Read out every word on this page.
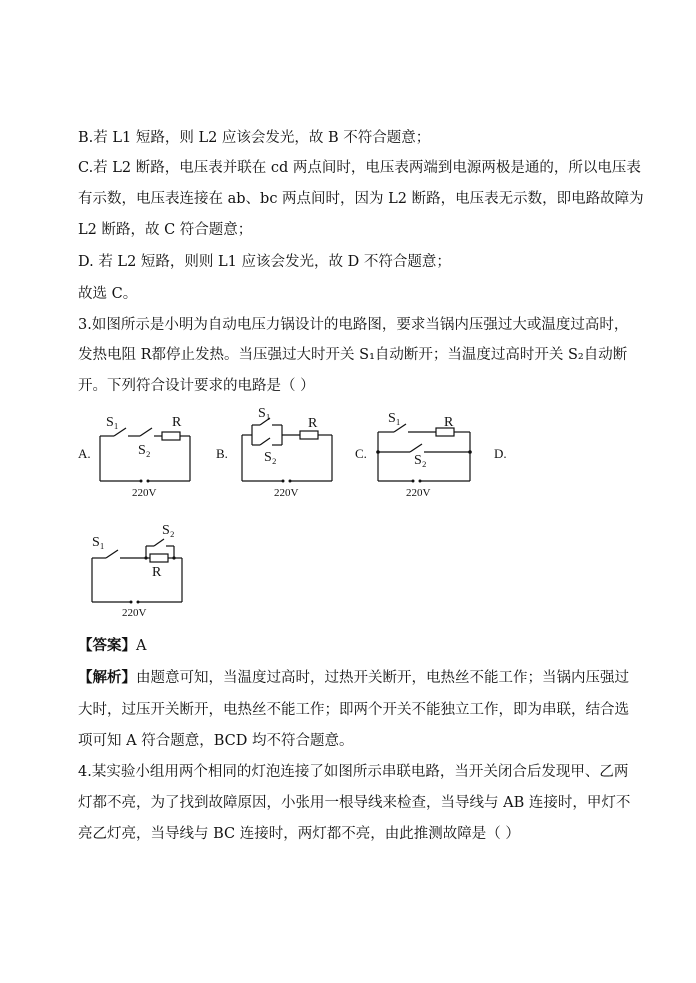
B.若 L1 短路，则 L2 应该会发光，故 B 不符合题意；
C.若 L2 断路，电压表并联在 cd 两点间时，电压表两端到电源两极是通的，所以电压表
有示数，电压表连接在 ab、bc 两点间时，因为 L2 断路，电压表无示数，即电路故障为
L2 断路，故 C 符合题意；
D. 若 L2 短路，则则 L1 应该会发光，故 D 不符合题意；
故选 C。
3.如图所示是小明为自动电压力锅设计的电路图，要求当锅内压强过大或温度过高时，
发热电阻 R都停止发热。当压强过大时开关 S₁自动断开；当温度过高时开关 S₂自动断
开。下列符合设计要求的电路是（ ）
A.	B.	C.	D.
S₁
S₂
R
220V
S₁
S₂
R
220V
S₁
S₂
R
220V
S₁
S₂
R
220V
【答案】A
【解析】由题意可知，当温度过高时，过热开关断开，电热丝不能工作；当锅内压强过
大时，过压开关断开，电热丝不能工作；即两个开关不能独立工作，即为串联，结合选
项可知 A 符合题意，BCD 均不符合题意。
4.某实验小组用两个相同的灯泡连接了如图所示串联电路，当开关闭合后发现甲、乙两
灯都不亮，为了找到故障原因，小张用一根导线来检查，当导线与 AB 连接时，甲灯不
亮乙灯亮，当导线与 BC 连接时，两灯都不亮，由此推测故障是（ ）
